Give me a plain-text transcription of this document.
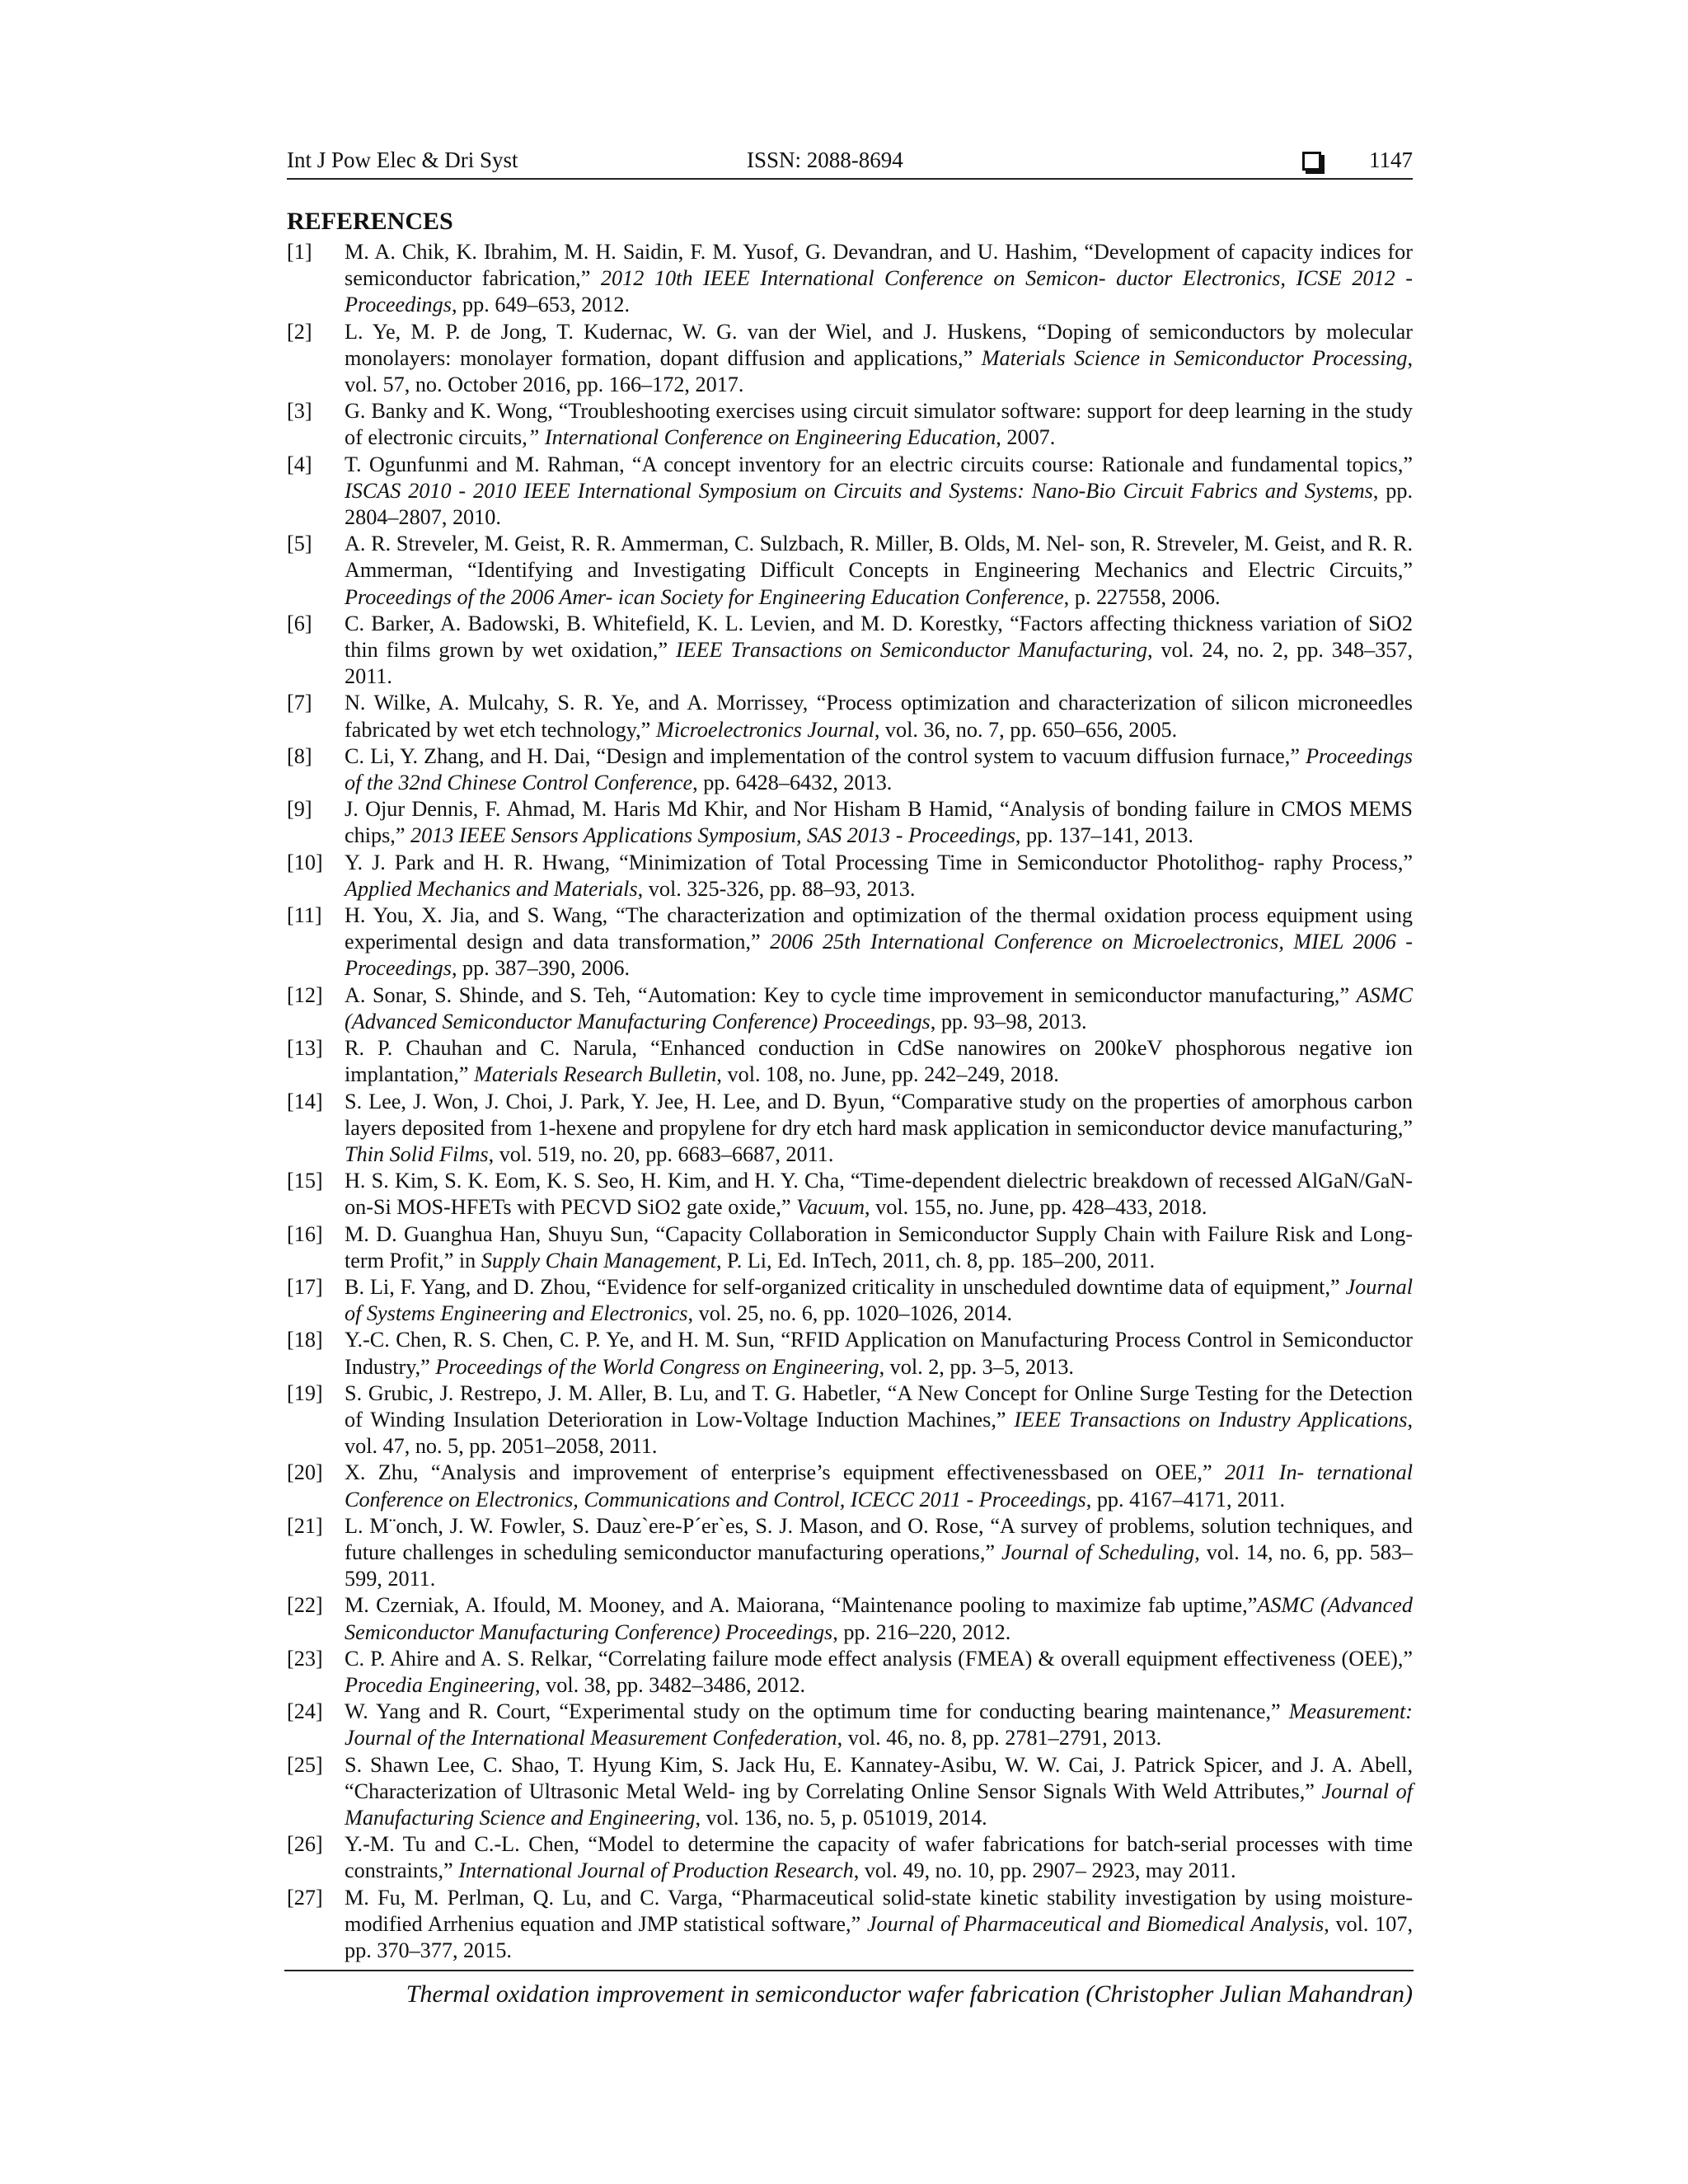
Int J Pow Elec & Dri Syst	ISSN: 2088-8694	1147
REFERENCES

[1] M. A. Chik, K. Ibrahim, M. H. Saidin, F. M. Yusof, G. Devandran, and U. Hashim, “Development of capacity indices for semiconductor fabrication,” 2012 10th IEEE International Conference on Semicon- ductor Electronics, ICSE 2012 - Proceedings, pp. 649–653, 2012.

[2] L. Ye, M. P. de Jong, T. Kudernac, W. G. van der Wiel, and J. Huskens, “Doping of semiconductors by molecular monolayers: monolayer formation, dopant diffusion and applications,” Materials Science in Semiconductor Processing, vol. 57, no. October 2016, pp. 166–172, 2017.

[3] G. Banky and K. Wong, “Troubleshooting exercises using circuit simulator software: support for deep learning in the study of electronic circuits,” International Conference on Engineering Education, 2007.

[4] T. Ogunfunmi and M. Rahman, “A concept inventory for an electric circuits course: Rationale and fundamental topics,” ISCAS 2010 - 2010 IEEE International Symposium on Circuits and Systems: Nano-Bio Circuit Fabrics and Systems, pp. 2804–2807, 2010.

[5] A. R. Streveler, M. Geist, R. R. Ammerman, C. Sulzbach, R. Miller, B. Olds, M. Nel- son, R. Streveler, M. Geist, and R. R. Ammerman, “Identifying and Investigating Difficult Concepts in Engineering Mechanics and Electric Circuits,” Proceedings of the 2006 Amer- ican Society for Engineering Education Conference, p. 227558, 2006.

[6] C. Barker, A. Badowski, B. Whitefield, K. L. Levien, and M. D. Korestky, “Factors affecting thickness variation of SiO2 thin films grown by wet oxidation,” IEEE Transactions on Semiconductor Manufacturing, vol. 24, no. 2, pp. 348–357, 2011.

[7] N. Wilke, A. Mulcahy, S. R. Ye, and A. Morrissey, “Process optimization and characterization of silicon microneedles fabricated by wet etch technology,” Microelectronics Journal, vol. 36, no. 7, pp. 650–656, 2005.

[8] C. Li, Y. Zhang, and H. Dai, “Design and implementation of the control system to vacuum diffusion furnace,” Proceedings of the 32nd Chinese Control Conference, pp. 6428–6432, 2013.

[9] J. Ojur Dennis, F. Ahmad, M. Haris Md Khir, and Nor Hisham B Hamid, “Analysis of bonding failure in CMOS MEMS chips,” 2013 IEEE Sensors Applications Symposium, SAS 2013 - Proceedings, pp. 137–141, 2013.

[10] Y. J. Park and H. R. Hwang, “Minimization of Total Processing Time in Semiconductor Photolithog- raphy Process,” Applied Mechanics and Materials, vol. 325-326, pp. 88–93, 2013.

[11] H. You, X. Jia, and S. Wang, “The characterization and optimization of the thermal oxidation process equipment using experimental design and data transformation,” 2006 25th International Conference on Microelectronics, MIEL 2006 - Proceedings, pp. 387–390, 2006.

[12] A. Sonar, S. Shinde, and S. Teh, “Automation: Key to cycle time improvement in semiconductor manufacturing,” ASMC (Advanced Semiconductor Manufacturing Conference) Proceedings, pp. 93–98, 2013.

[13] R. P. Chauhan and C. Narula, “Enhanced conduction in CdSe nanowires on 200keV phosphorous negative ion implantation,” Materials Research Bulletin, vol. 108, no. June, pp. 242–249, 2018.

[14] S. Lee, J. Won, J. Choi, J. Park, Y. Jee, H. Lee, and D. Byun, “Comparative study on the properties of amorphous carbon layers deposited from 1-hexene and propylene for dry etch hard mask application in semiconductor device manufacturing,” Thin Solid Films, vol. 519, no. 20, pp. 6683–6687, 2011.

[15] H. S. Kim, S. K. Eom, K. S. Seo, H. Kim, and H. Y. Cha, “Time-dependent dielectric breakdown of recessed AlGaN/GaN-on-Si MOS-HFETs with PECVD SiO2 gate oxide,” Vacuum, vol. 155, no. June, pp. 428–433, 2018.

[16] M. D. Guanghua Han, Shuyu Sun, “Capacity Collaboration in Semiconductor Supply Chain with Failure Risk and Long-term Profit,” in Supply Chain Management, P. Li, Ed. InTech, 2011, ch. 8, pp. 185–200, 2011.

[17] B. Li, F. Yang, and D. Zhou, “Evidence for self-organized criticality in unscheduled downtime data of equipment,” Journal of Systems Engineering and Electronics, vol. 25, no. 6, pp. 1020–1026, 2014.

[18] Y.-C. Chen, R. S. Chen, C. P. Ye, and H. M. Sun, “RFID Application on Manufacturing Process Control in Semiconductor Industry,” Proceedings of the World Congress on Engineering, vol. 2, pp. 3–5, 2013.

[19] S. Grubic, J. Restrepo, J. M. Aller, B. Lu, and T. G. Habetler, “A New Concept for Online Surge Testing for the Detection of Winding Insulation Deterioration in Low-Voltage Induction Machines,” IEEE Transactions on Industry Applications, vol. 47, no. 5, pp. 2051–2058, 2011.

[20] X. Zhu, “Analysis and improvement of enterprise’s equipment effectivenessbased on OEE,” 2011 In- ternational Conference on Electronics, Communications and Control, ICECC 2011 - Proceedings, pp. 4167–4171, 2011.

[21] L. M¨onch, J. W. Fowler, S. Dauz`ere-P´er`es, S. J. Mason, and O. Rose, “A survey of problems, solution techniques, and future challenges in scheduling semiconductor manufacturing operations,” Journal of Scheduling, vol. 14, no. 6, pp. 583–599, 2011.

[22] M. Czerniak, A. Ifould, M. Mooney, and A. Maiorana, “Maintenance pooling to maximize fab uptime,”ASMC (Advanced Semiconductor Manufacturing Conference) Proceedings, pp. 216–220, 2012.

[23] C. P. Ahire and A. S. Relkar, “Correlating failure mode effect analysis (FMEA) & overall equipment effectiveness (OEE),” Procedia Engineering, vol. 38, pp. 3482–3486, 2012.

[24] W. Yang and R. Court, “Experimental study on the optimum time for conducting bearing maintenance,” Measurement: Journal of the International Measurement Confederation, vol. 46, no. 8, pp. 2781–2791, 2013.

[25] S. Shawn Lee, C. Shao, T. Hyung Kim, S. Jack Hu, E. Kannatey-Asibu, W. W. Cai, J. Patrick Spicer, and J. A. Abell, “Characterization of Ultrasonic Metal Weld- ing by Correlating Online Sensor Signals With Weld Attributes,” Journal of Manufacturing Science and Engineering, vol. 136, no. 5, p. 051019, 2014.

[26] Y.-M. Tu and C.-L. Chen, “Model to determine the capacity of wafer fabrications for batch-serial processes with time constraints,” International Journal of Production Research, vol. 49, no. 10, pp. 2907– 2923, may 2011.

[27] M. Fu, M. Perlman, Q. Lu, and C. Varga, “Pharmaceutical solid-state kinetic stability investigation by using moisture-modified Arrhenius equation and JMP statistical software,” Journal of Pharmaceutical and Biomedical Analysis, vol. 107, pp. 370–377, 2015.

Thermal oxidation improvement in semiconductor wafer fabrication (Christopher Julian Mahandran)
